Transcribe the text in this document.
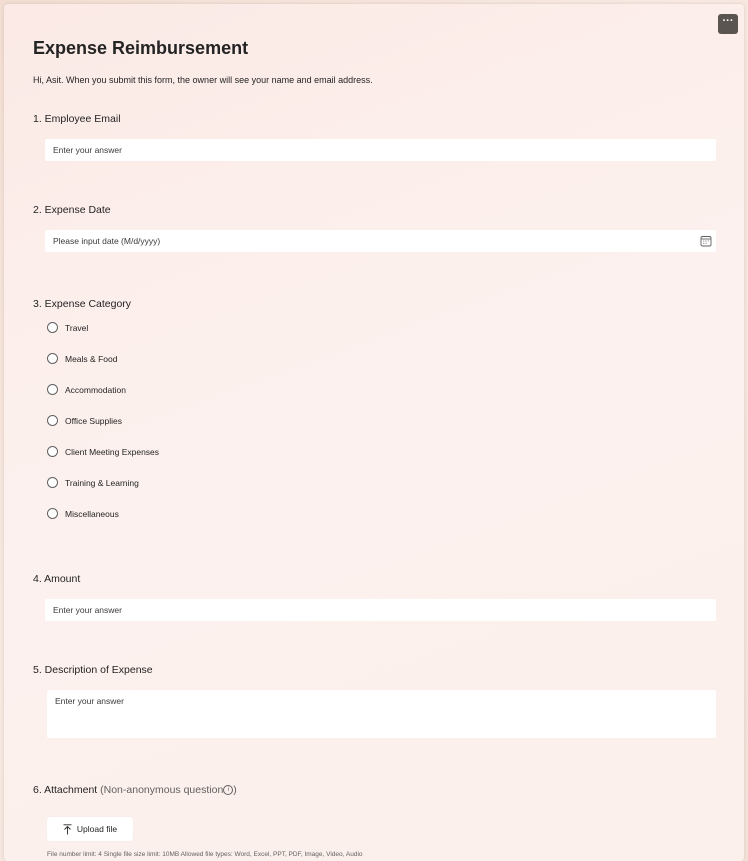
···
Expense Reimbursement
Hi, Asit. When you submit this form, the owner will see your name and email address.
1. Employee Email
Enter your answer
2. Expense Date
Please input date (M/d/yyyy)
3. Expense Category
Travel
Meals & Food
Accommodation
Office Supplies
Client Meeting Expenses
Training & Learning
Miscellaneous
4. Amount
Enter your answer
5. Description of Expense
Enter your answer
6. Attachment (Non-anonymous question i )
Upload file
File number limit: 4 Single file size limit: 10MB Allowed file types: Word, Excel, PPT, PDF, Image, Video, Audio
